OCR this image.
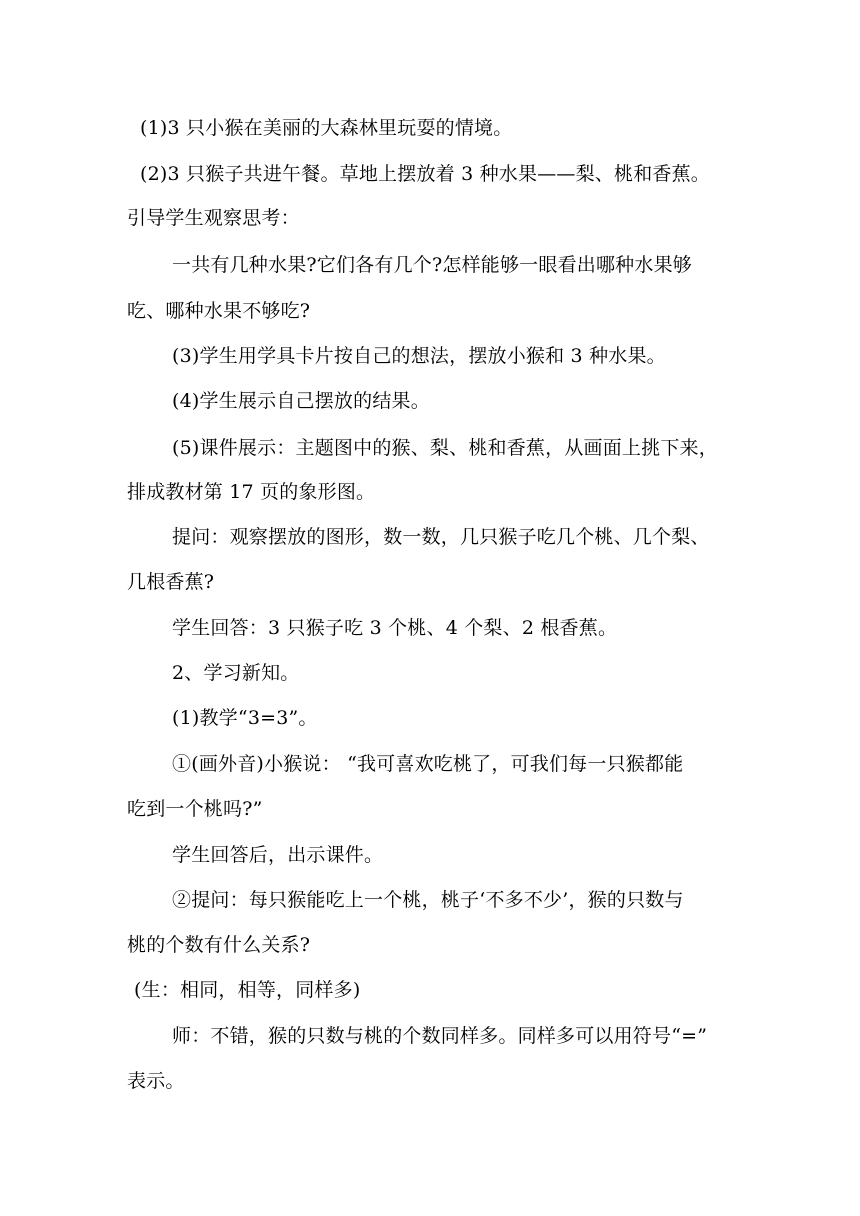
(1)3 只小猴在美丽的大森林里玩耍的情境。
(2)3 只猴子共进午餐。草地上摆放着 3 种水果——梨、桃和香蕉。
引导学生观察思考：
一共有几种水果?它们各有几个?怎样能够一眼看出哪种水果够
吃、哪种水果不够吃?
(3)学生用学具卡片按自己的想法，摆放小猴和 3 种水果。
(4)学生展示自己摆放的结果。
(5)课件展示：主题图中的猴、梨、桃和香蕉，从画面上挑下来，
排成教材第 17 页的象形图。
提问：观察摆放的图形，数一数，几只猴子吃几个桃、几个梨、
几根香蕉?
学生回答：3 只猴子吃 3 个桃、4 个梨、2 根香蕉。
2、学习新知。
(1)教学“3=3”。
①(画外音)小猴说： “我可喜欢吃桃了，可我们每一只猴都能
吃到一个桃吗?”
学生回答后，出示课件。
②提问：每只猴能吃上一个桃，桃子‘不多不少’，猴的只数与
桃的个数有什么关系?
(生：相同，相等，同样多)
师：不错，猴的只数与桃的个数同样多。同样多可以用符号“=”
表示。
